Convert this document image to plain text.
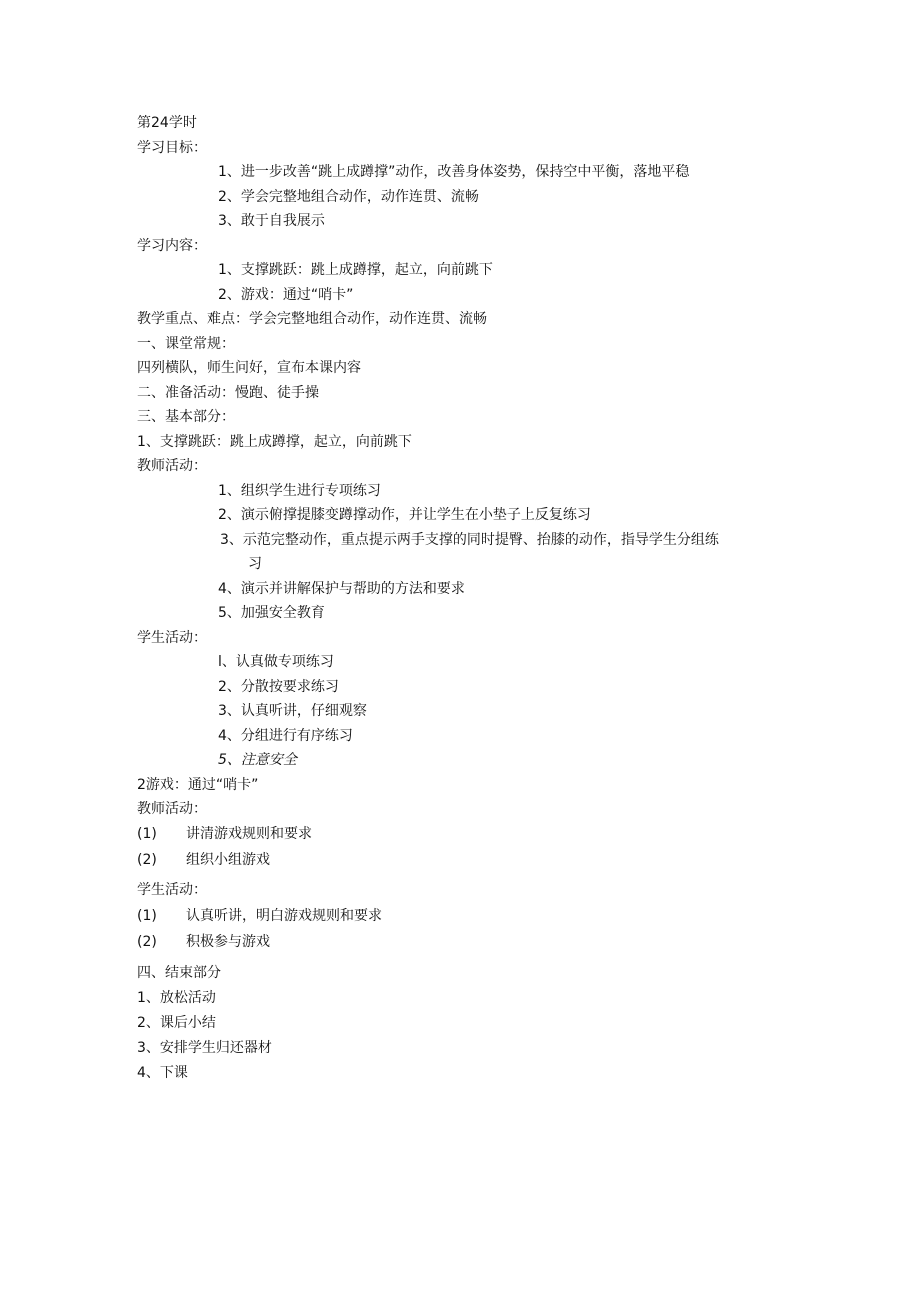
第24学时
学习目标：
1、进一步改善“跳上成蹲撑”动作，改善身体姿势，保持空中平衡，落地平稳
2、学会完整地组合动作，动作连贯、流畅
3、敢于自我展示
学习内容：
1、支撑跳跃：跳上成蹲撑，起立，向前跳下
2、游戏：通过“哨卡”
教学重点、难点：学会完整地组合动作，动作连贯、流畅
一、课堂常规：
四列横队，师生问好，宣布本课内容
二、准备活动：慢跑、徒手操
三、基本部分：
1、支撑跳跃：跳上成蹲撑，起立，向前跳下
教师活动：
1、组织学生进行专项练习
2、演示俯撑提膝变蹲撑动作，并让学生在小垫子上反复练习
3、示范完整动作，重点提示两手支撑的同时提臀、抬膝的动作，指导学生分组练
习
4、演示并讲解保护与帮助的方法和要求
5、加强安全教育
学生活动：
l、认真做专项练习
2、分散按要求练习
3、认真听讲，仔细观察
4、分组进行有序练习
5、注意安全
2游戏：通过“哨卡”
教师活动：
(1) 讲清游戏规则和要求
(2) 组织小组游戏
学生活动：
(1) 认真听讲，明白游戏规则和要求
(2) 积极参与游戏
四、结束部分
1、放松活动
2、课后小结
3、安排学生归还器材
4、下课
